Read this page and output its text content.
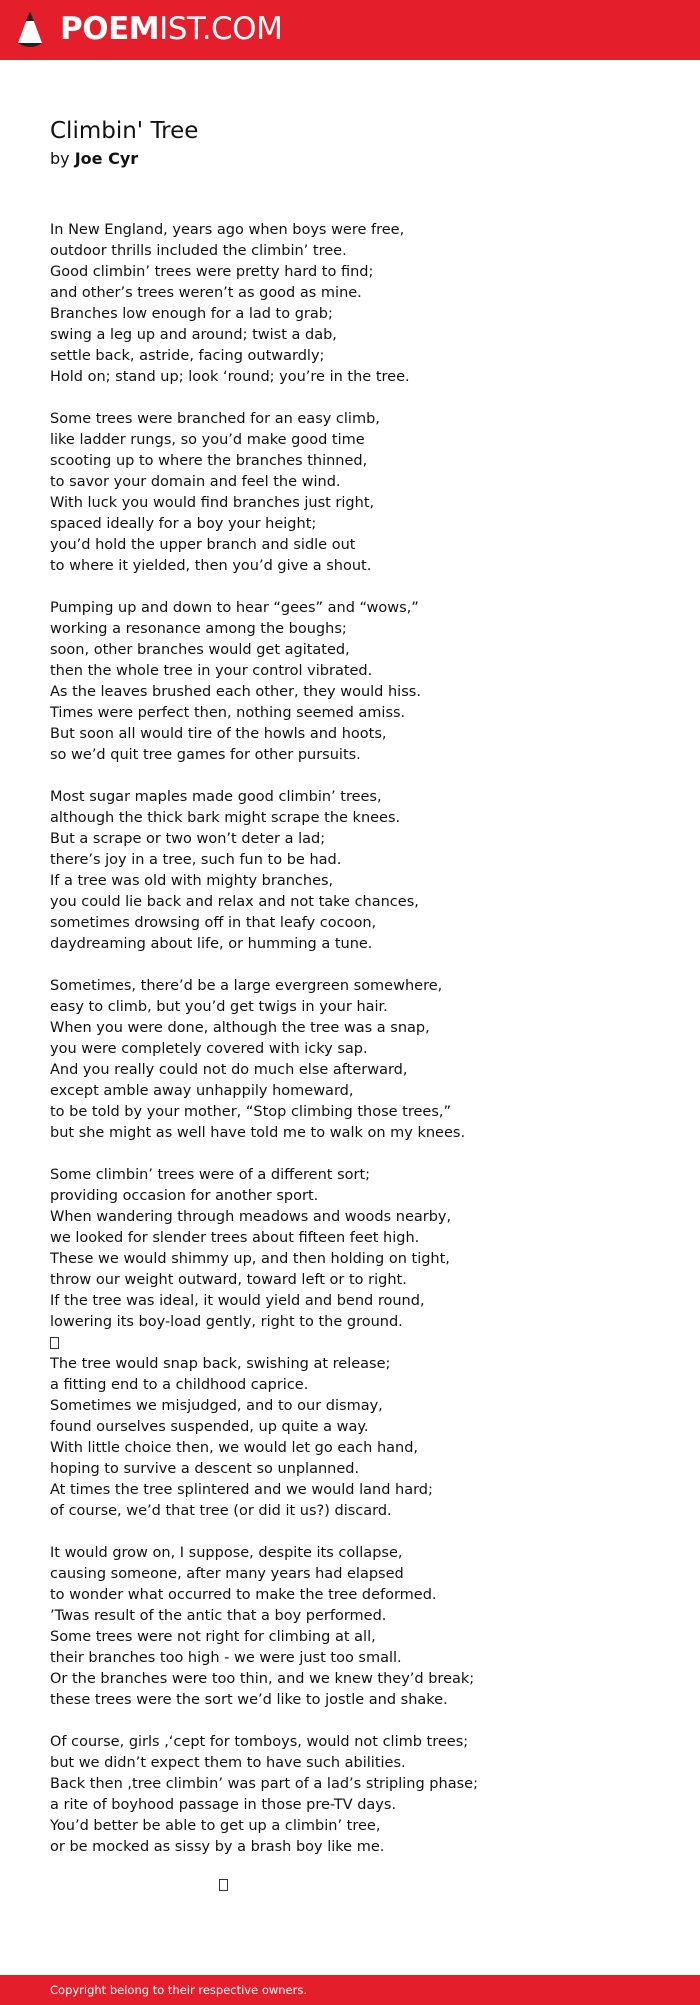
POEMIST.COM
Climbin' Tree
by Joe Cyr
In New England, years ago when boys were free,
outdoor thrills included the climbin’ tree.
Good climbin’ trees were pretty hard to find;
and other’s trees weren’t as good as mine.
Branches low enough for a lad to grab;
swing a leg up and around; twist a dab,
settle back, astride, facing outwardly;
Hold on; stand up; look ‘round; you’re in the tree.
Some trees were branched for an easy climb,
like ladder rungs, so you’d make good time
scooting up to where the branches thinned,
to savor your domain and feel the wind.
With luck you would find branches just right,
spaced ideally for a boy your height;
you’d hold the upper branch and sidle out
to where it yielded, then you’d give a shout.
Pumping up and down to hear “gees” and “wows,”
working a resonance among the boughs;
soon, other branches would get agitated,
then the whole tree in your control vibrated.
As the leaves brushed each other, they would hiss.
Times were perfect then, nothing seemed amiss.
But soon all would tire of the howls and hoots,
so we’d quit tree games for other pursuits.
Most sugar maples made good climbin’ trees,
although the thick bark might scrape the knees.
But a scrape or two won’t deter a lad;
there’s joy in a tree, such fun to be had.
If a tree was old with mighty branches,
you could lie back and relax and not take chances,
sometimes drowsing off in that leafy cocoon,
daydreaming about life, or humming a tune.
Sometimes, there’d be a large evergreen somewhere,
easy to climb, but you’d get twigs in your hair.
When you were done, although the tree was a snap,
you were completely covered with icky sap.
And you really could not do much else afterward,
except amble away unhappily homeward,
to be told by your mother, “Stop climbing those trees,”
but she might as well have told me to walk on my knees.
Some climbin’ trees were of a different sort;
providing occasion for another sport.
When wandering through meadows and woods nearby,
we looked for slender trees about fifteen feet high.
These we would shimmy up, and then holding on tight,
throw our weight outward, toward left or to right.
If the tree was ideal, it would yield and bend round,
lowering its boy-load gently, right to the ground.
The tree would snap back, swishing at release;
a fitting end to a childhood caprice.
Sometimes we misjudged, and to our dismay,
found ourselves suspended, up quite a way.
With little choice then, we would let go each hand,
hoping to survive a descent so unplanned.
At times the tree splintered and we would land hard;
of course, we’d that tree (or did it us?) discard.
It would grow on, I suppose, despite its collapse,
causing someone, after many years had elapsed
to wonder what occurred to make the tree deformed.
’Twas result of the antic that a boy performed.
Some trees were not right for climbing at all,
their branches too high - we were just too small.
Or the branches were too thin, and we knew they’d break;
these trees were the sort we’d like to jostle and shake.
Of course, girls ,‘cept for tomboys, would not climb trees;
but we didn’t expect them to have such abilities.
Back then ,tree climbin’ was part of a lad’s stripling phase;
a rite of boyhood passage in those pre-TV days.
You’d better be able to get up a climbin’ tree,
or be mocked as sissy by a brash boy like me.
Copyright belong to their respective owners.
